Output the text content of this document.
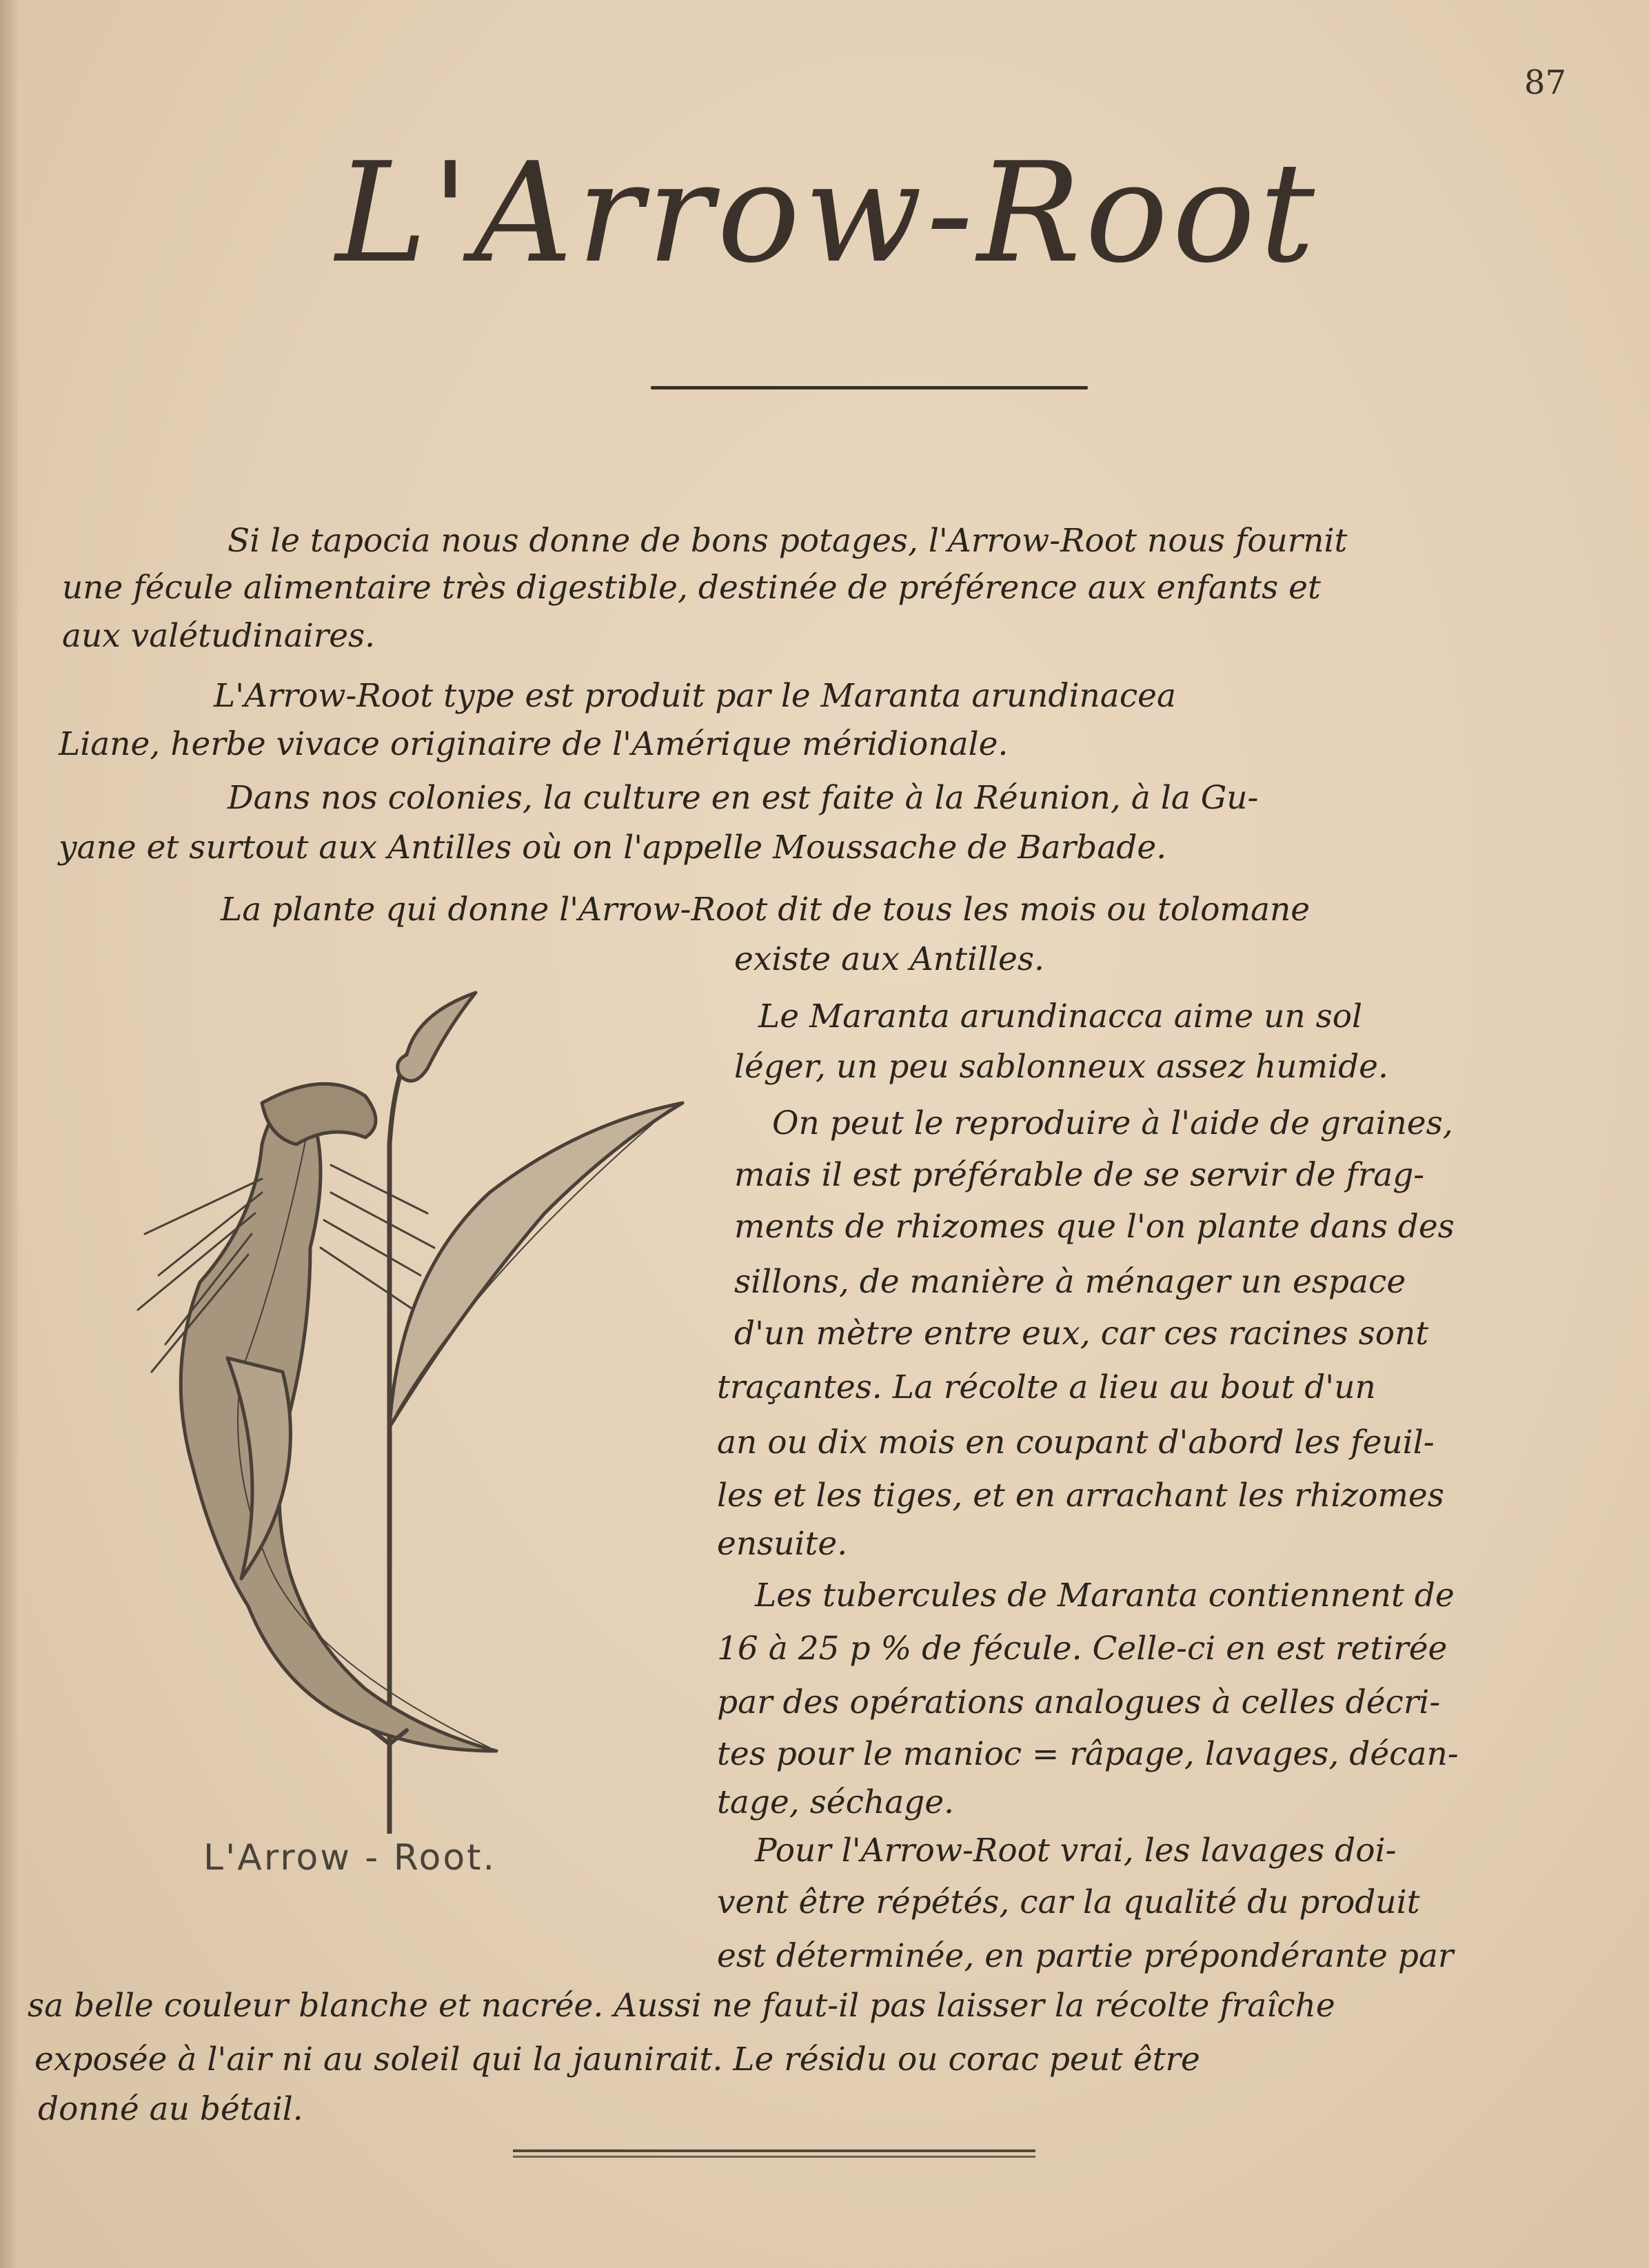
87
L'Arrow-Root
Si le tapocia nous donne de bons potages, l'Arrow-Root nous fournit
une fécule alimentaire très digestible, destinée de préférence aux enfants et
aux valétudinaires.
L'Arrow-Root type est produit par le Maranta arundinacea
Liane, herbe vivace originaire de l'Amérique méridionale.
Dans nos colonies, la culture en est faite à la Réunion, à la Gu-
yane et surtout aux Antilles où on l'appelle Moussache de Barbade.
La plante qui donne l'Arrow-Root dit de tous les mois ou tolomane
existe aux Antilles.
Le Maranta arundinacca aime un sol
léger, un peu sablonneux assez humide.
On peut le reproduire à l'aide de graines,
mais il est préférable de se servir de frag-
ments de rhizomes que l'on plante dans des
sillons, de manière à ménager un espace
d'un mètre entre eux, car ces racines sont
traçantes. La récolte a lieu au bout d'un
an ou dix mois en coupant d'abord les feuil-
les et les tiges, et en arrachant les rhizomes
ensuite.
Les tubercules de Maranta contiennent de
16 à 25 p % de fécule. Celle-ci en est retirée
par des opérations analogues à celles décri-
tes pour le manioc = râpage, lavages, décan-
tage, séchage.
Pour l'Arrow-Root vrai, les lavages doi-
vent être répétés, car la qualité du produit
est déterminée, en partie prépondérante par
sa belle couleur blanche et nacrée. Aussi ne faut-il pas laisser la récolte fraîche
exposée à l'air ni au soleil qui la jaunirait. Le résidu ou corac peut être
donné au bétail.
L'Arrow - Root.
